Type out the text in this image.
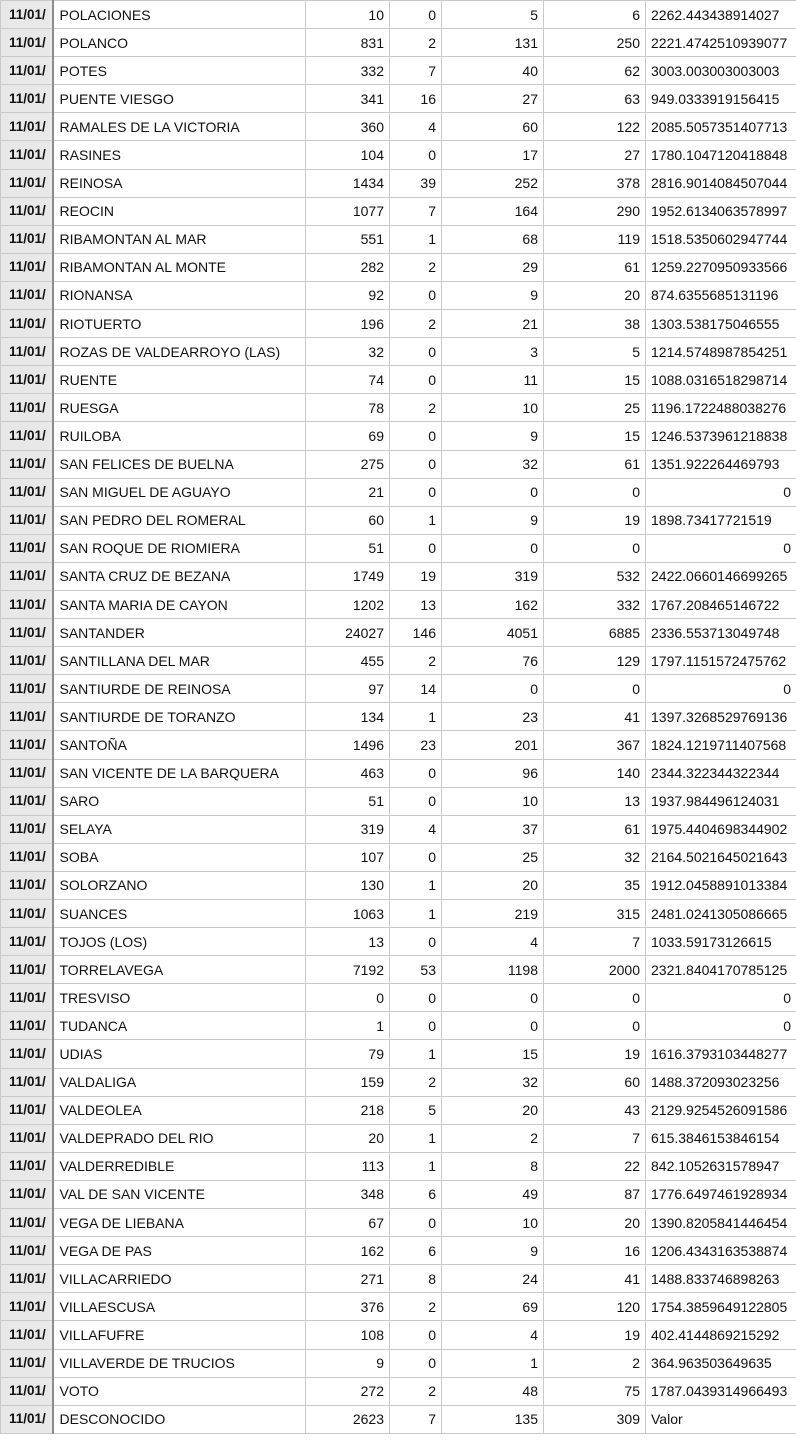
11/01/	POLACIONES	10	0	5	6	2262.443438914027
11/01/	POLANCO	831	2	131	250	2221.4742510939077
11/01/	POTES	332	7	40	62	3003.003003003003
11/01/	PUENTE VIESGO	341	16	27	63	949.0333919156415
11/01/	RAMALES DE LA VICTORIA	360	4	60	122	2085.5057351407713
11/01/	RASINES	104	0	17	27	1780.1047120418848
11/01/	REINOSA	1434	39	252	378	2816.9014084507044
11/01/	REOCIN	1077	7	164	290	1952.6134063578997
11/01/	RIBAMONTAN AL MAR	551	1	68	119	1518.5350602947744
11/01/	RIBAMONTAN AL MONTE	282	2	29	61	1259.2270950933566
11/01/	RIONANSA	92	0	9	20	874.6355685131196
11/01/	RIOTUERTO	196	2	21	38	1303.538175046555
11/01/	ROZAS DE VALDEARROYO (LAS)	32	0	3	5	1214.5748987854251
11/01/	RUENTE	74	0	11	15	1088.0316518298714
11/01/	RUESGA	78	2	10	25	1196.1722488038276
11/01/	RUILOBA	69	0	9	15	1246.5373961218838
11/01/	SAN FELICES DE BUELNA	275	0	32	61	1351.922264469793
11/01/	SAN MIGUEL DE AGUAYO	21	0	0	0	0
11/01/	SAN PEDRO DEL ROMERAL	60	1	9	19	1898.73417721519
11/01/	SAN ROQUE DE RIOMIERA	51	0	0	0	0
11/01/	SANTA CRUZ DE BEZANA	1749	19	319	532	2422.0660146699265
11/01/	SANTA MARIA DE CAYON	1202	13	162	332	1767.208465146722
11/01/	SANTANDER	24027	146	4051	6885	2336.553713049748
11/01/	SANTILLANA DEL MAR	455	2	76	129	1797.1151572475762
11/01/	SANTIURDE DE REINOSA	97	14	0	0	0
11/01/	SANTIURDE DE TORANZO	134	1	23	41	1397.3268529769136
11/01/	SANTOÑA	1496	23	201	367	1824.1219711407568
11/01/	SAN VICENTE DE LA BARQUERA	463	0	96	140	2344.322344322344
11/01/	SARO	51	0	10	13	1937.984496124031
11/01/	SELAYA	319	4	37	61	1975.4404698344902
11/01/	SOBA	107	0	25	32	2164.5021645021643
11/01/	SOLORZANO	130	1	20	35	1912.0458891013384
11/01/	SUANCES	1063	1	219	315	2481.0241305086665
11/01/	TOJOS (LOS)	13	0	4	7	1033.59173126615
11/01/	TORRELAVEGA	7192	53	1198	2000	2321.8404170785125
11/01/	TRESVISO	0	0	0	0	0
11/01/	TUDANCA	1	0	0	0	0
11/01/	UDIAS	79	1	15	19	1616.3793103448277
11/01/	VALDALIGA	159	2	32	60	1488.372093023256
11/01/	VALDEOLEA	218	5	20	43	2129.9254526091586
11/01/	VALDEPRADO DEL RIO	20	1	2	7	615.3846153846154
11/01/	VALDERREDIBLE	113	1	8	22	842.1052631578947
11/01/	VAL DE SAN VICENTE	348	6	49	87	1776.6497461928934
11/01/	VEGA DE LIEBANA	67	0	10	20	1390.8205841446454
11/01/	VEGA DE PAS	162	6	9	16	1206.4343163538874
11/01/	VILLACARRIEDO	271	8	24	41	1488.833746898263
11/01/	VILLAESCUSA	376	2	69	120	1754.3859649122805
11/01/	VILLAFUFRE	108	0	4	19	402.4144869215292
11/01/	VILLAVERDE DE TRUCIOS	9	0	1	2	364.963503649635
11/01/	VOTO	272	2	48	75	1787.0439314966493
11/01/	DESCONOCIDO	2623	7	135	309	Valor
